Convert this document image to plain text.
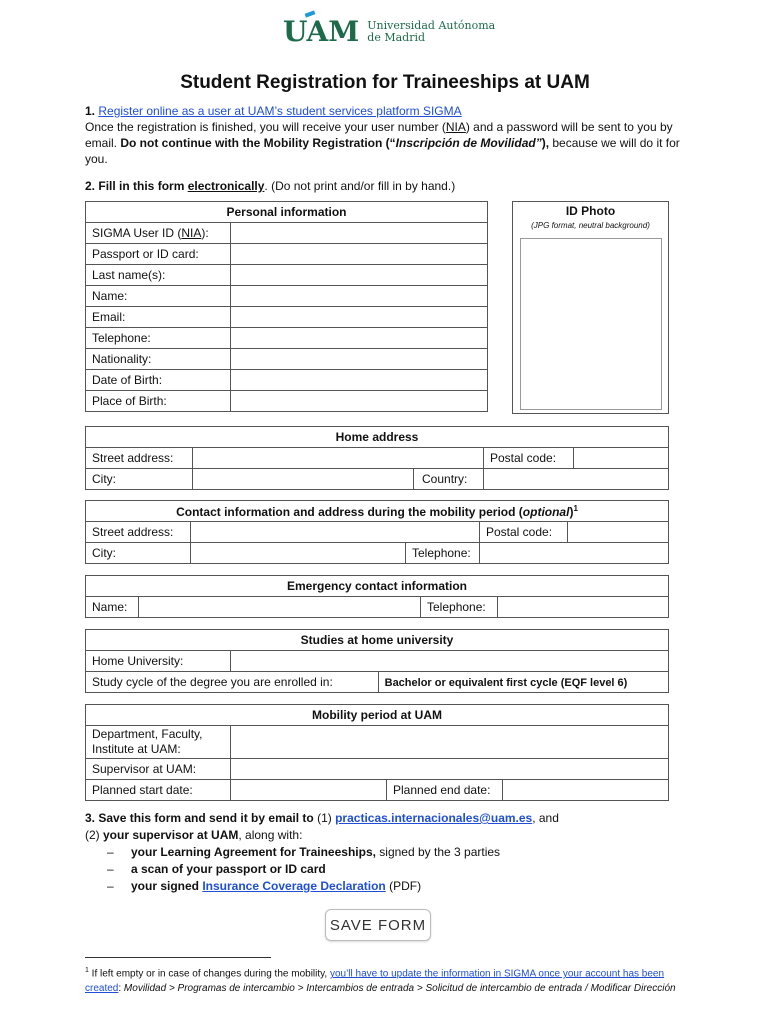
UAM Universidad Autónoma
de Madrid
Student Registration for Traineeships at UAM
1. Register online as a user at UAM’s student services platform SIGMA
Once the registration is finished, you will receive your user number (NIA) and a password will be sent to you by email. Do not continue with the Mobility Registration (“Inscripción de Movilidad”), because we will do it for you.
2. Fill in this form electronically. (Do not print and/or fill in by hand.)
Personal information	
SIGMA User ID (NIA):	
Passport or ID card:	
Last name(s):	
Name:	
Email:	
Telephone:	
Nationality:	
Date of Birth:	
Place of Birth:	
ID Photo
(JPG format, neutral background)
Home address			
Street address:		Postal code:	
City:	Country:		

Contact information and address during the mobility period (optional)$^1$
Street address:		Postal code:	
City:	Telephone:		

Emergency contact information
Name:		Telephone:	
Studies at home university		
Home University:		
Study cycle of the degree you are enrolled in:		Bachelor or equivalent first cycle (EQF level 6)
Mobility period at UAM			

Department, Faculty,
Institute at UAM:			

Supervisor at UAM:			
Planned start date:		Planned end date:	
3. Save this form and send it by email to (1) practicas.internacionales@uam.es, and
(2) your supervisor at UAM, along with:
– your Learning Agreement for Traineeships, signed by the 3 parties
– a scan of your passport or ID card
– your signed Insurance Coverage Declaration (PDF)
SAVE FORM
$^1$ If left empty or in case of changes during the mobility, you’ll have to update the information in SIGMA once your account has been created: Movilidad > Programas de intercambio > Intercambios de entrada > Solicitud de intercambio de entrada / Modificar Dirección
